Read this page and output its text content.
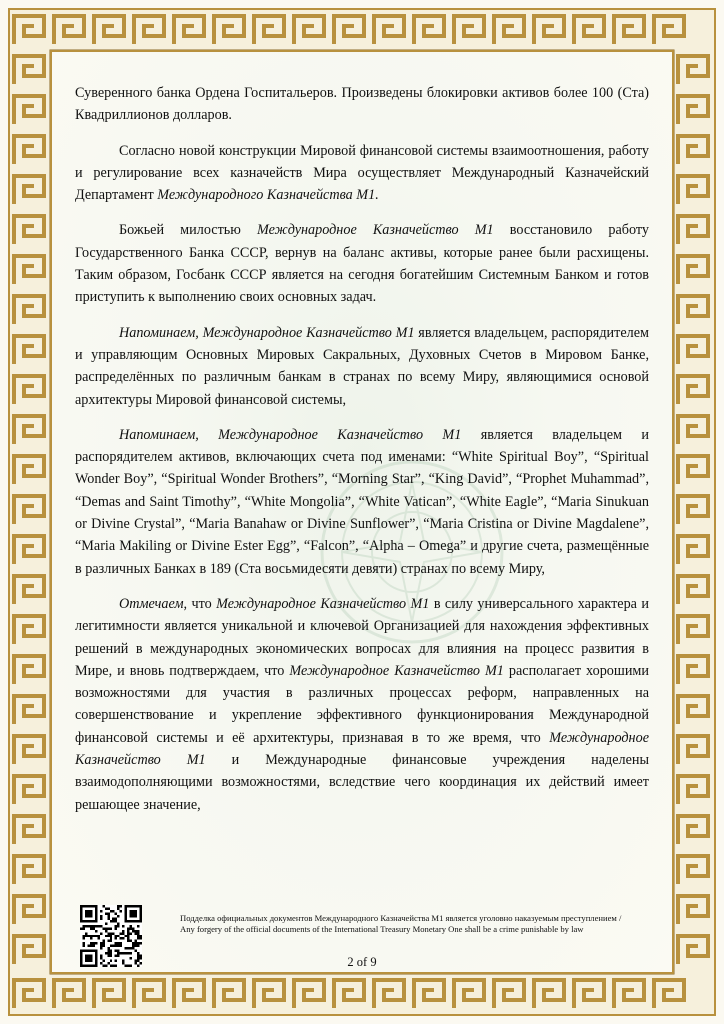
Суверенного банка Ордена Госпитальеров. Произведены блокировки активов более 100 (Ста) Квадриллионов долларов.

Согласно новой конструкции Мировой финансовой системы взаимоотношения, работу и регулирование всех казначейств Мира осуществляет Международный Казначейский Департамент Международного Казначейства М1.

Божьей милостью Международное Казначейство М1 восстановило работу Государственного Банка СССР, вернув на баланс активы, которые ранее были расхищены. Таким образом, Госбанк СССР является на сегодня богатейшим Системным Банком и готов приступить к выполнению своих основных задач.

Напоминаем, Международное Казначейство М1 является владельцем, распорядителем и управляющим Основных Мировых Сакральных, Духовных Счетов в Мировом Банке, распределённых по различным банкам в странах по всему Миру, являющимися основой архитектуры Мировой финансовой системы,

Напоминаем, Международное Казначейство М1 является владельцем и распорядителем активов, включающих счета под именами: “White Spiritual Boy”, “Spiritual Wonder Boy”, “Spiritual Wonder Brothers”, “Morning Star”, “King David”, “Prophet Muhammad”, “Demas and Saint Timothy”, “White Mongolia”, “White Vatican”, “White Eagle”, “Maria Sinukuan or Divine Crystal”, “Maria Banahaw or Divine Sunflower”, “Maria Cristina or Divine Magdalene”, “Maria Makiling or Divine Ester Egg”, “Falcon”, “Alpha – Omega” и другие счета, размещённые в различных Банках в 189 (Ста восьмидесяти девяти) странах по всему Миру,

Отмечаем, что Международное Казначейство М1 в силу универсального характера и легитимности является уникальной и ключевой Организацией для нахождения эффективных решений в международных экономических вопросах для влияния на процесс развития в Мире, и вновь подтверждаем, что Международное Казначейство М1 располагает хорошими возможностями для участия в различных процессах реформ, направленных на совершенствование и укрепление эффективного функционирования Международной финансовой системы и её архитектуры, признавая в то же время, что Международное Казначейство М1 и Международные финансовые учреждения наделены взаимодополняющими возможностями, вследствие чего координация их действий имеет решающее значение,

Подделка официальных документов Международного Казначейства М1 является уголовно наказуемым преступлением / Any forgery of the official documents of the International Treasury Monetary One shall be a crime punishable by law
2 of 9
